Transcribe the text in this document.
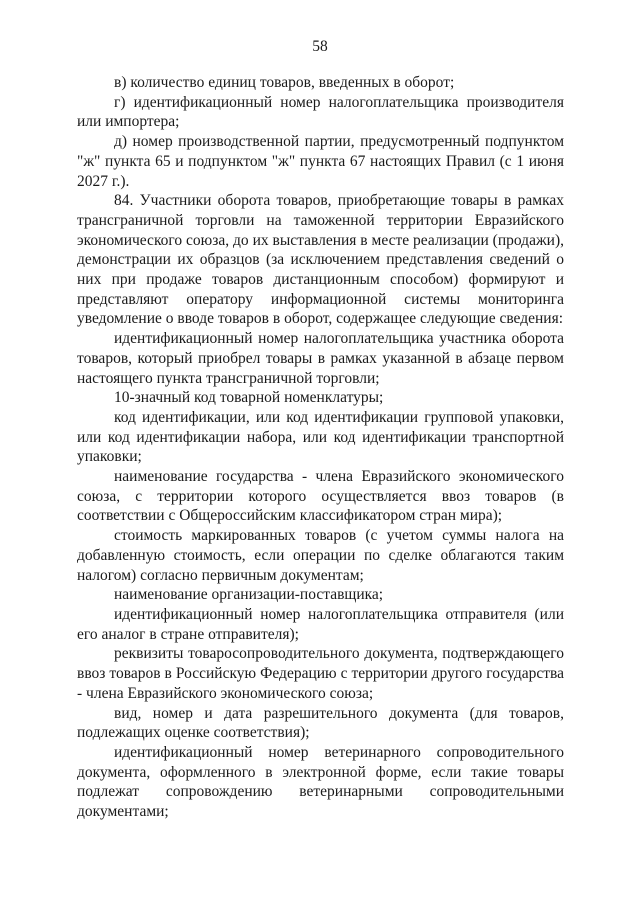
58

в) количество единиц товаров, введенных в оборот;

г) идентификационный номер налогоплательщика производителя или импортера;

д) номер производственной партии, предусмотренный подпунктом "ж" пункта 65 и подпунктом "ж" пункта 67 настоящих Правил (с 1 июня 2027 г.).

84. Участники оборота товаров, приобретающие товары в рамках трансграничной торговли на таможенной территории Евразийского экономического союза, до их выставления в месте реализации (продажи), демонстрации их образцов (за исключением представления сведений о них при продаже товаров дистанционным способом) формируют и представляют оператору информационной системы мониторинга уведомление о вводе товаров в оборот, содержащее следующие сведения:

идентификационный номер налогоплательщика участника оборота товаров, который приобрел товары в рамках указанной в абзаце первом настоящего пункта трансграничной торговли;

10-значный код товарной номенклатуры;

код идентификации, или код идентификации групповой упаковки, или код идентификации набора, или код идентификации транспортной упаковки;

наименование государства - члена Евразийского экономического союза, с территории которого осуществляется ввоз товаров (в соответствии с Общероссийским классификатором стран мира);

стоимость маркированных товаров (с учетом суммы налога на добавленную стоимость, если операции по сделке облагаются таким налогом) согласно первичным документам;

наименование организации-поставщика;

идентификационный номер налогоплательщика отправителя (или его аналог в стране отправителя);

реквизиты товаросопроводительного документа, подтверждающего ввоз товаров в Российскую Федерацию с территории другого государства - члена Евразийского экономического союза;

вид, номер и дата разрешительного документа (для товаров, подлежащих оценке соответствия);

идентификационный номер ветеринарного сопроводительного документа, оформленного в электронной форме, если такие товары подлежат сопровождению ветеринарными сопроводительными документами;
